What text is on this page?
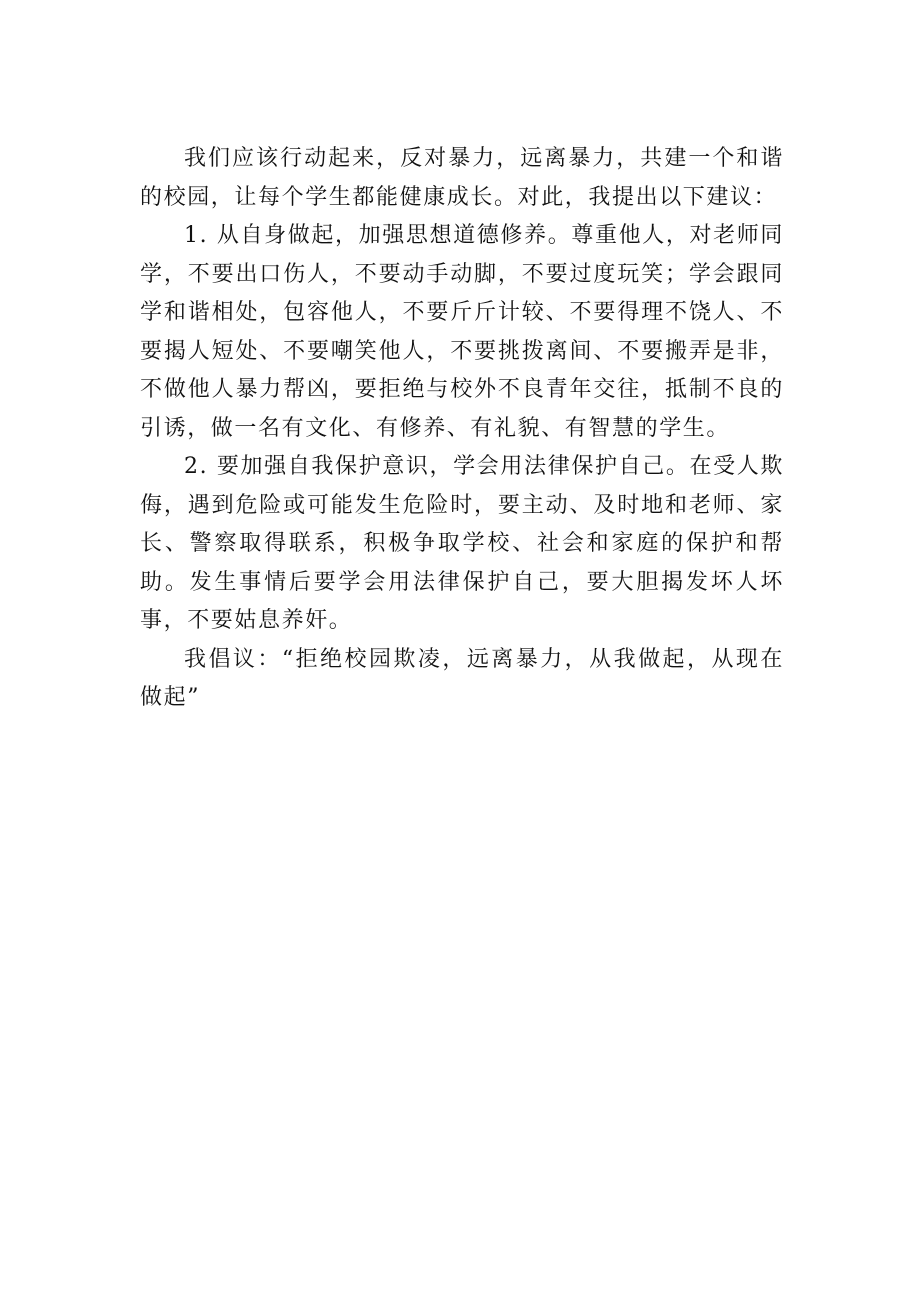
我们应该行动起来，反对暴力，远离暴力，共建一个和谐的校园，让每个学生都能健康成长。对此，我提出以下建议：

1. 从自身做起，加强思想道德修养。尊重他人，对老师同学，不要出口伤人，不要动手动脚，不要过度玩笑；学会跟同学和谐相处，包容他人，不要斤斤计较、不要得理不饶人、不要揭人短处、不要嘲笑他人，不要挑拨离间、不要搬弄是非，不做他人暴力帮凶，要拒绝与校外不良青年交往，抵制不良的引诱，做一名有文化、有修养、有礼貌、有智慧的学生。

2. 要加强自我保护意识，学会用法律保护自己。在受人欺侮，遇到危险或可能发生危险时，要主动、及时地和老师、家长、警察取得联系，积极争取学校、社会和家庭的保护和帮助。发生事情后要学会用法律保护自己，要大胆揭发坏人坏事，不要姑息养奸。

我倡议：“拒绝校园欺凌，远离暴力，从我做起，从现在做起”
